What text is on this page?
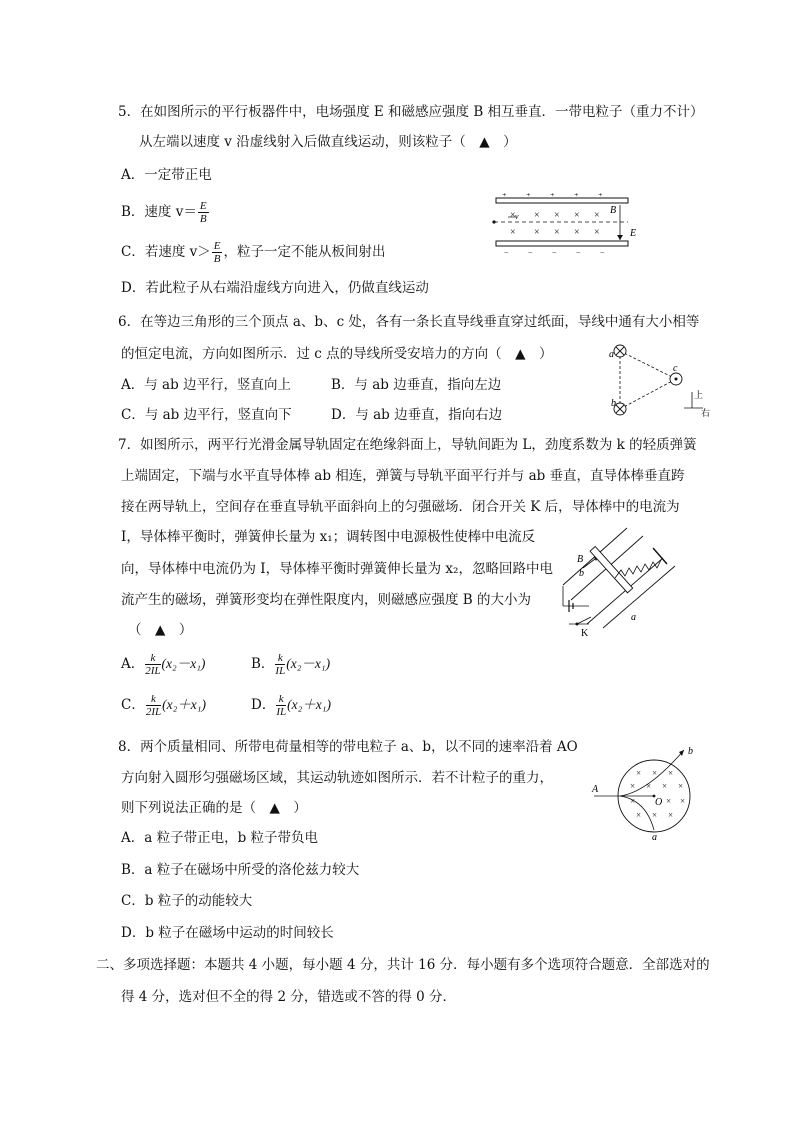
5．在如图所示的平行板器件中，电场强度 E 和磁感应强度 B 相互垂直．一带电粒子（重力不计）
从左端以速度 v 沿虚线射入后做直线运动，则该粒子（　▲　）
A．一定带正电
B．速度 $v= \frac{E}{B}$
C．若速度 $v> \frac{E}{B}$ ，粒子一定不能从板间射出
D．若此粒子从右端沿虚线方向进入，仍做直线运动
+ + + + +
− − − − −
× × × × ×
× × × × ×
v
B
E
6．在等边三角形的三个顶点 a、b、c 处，各有一条长直导线垂直穿过纸面，导线中通有大小相等
的恒定电流，方向如图所示．过 c 点的导线所受安培力的方向（　▲　）
A．与 ab 边平行，竖直向上	B．与 ab 边垂直，指向左边
C．与 ab 边平行，竖直向下	D．与 ab 边垂直，指向右边
a
b
c
上
右
7．如图所示，两平行光滑金属导轨固定在绝缘斜面上，导轨间距为 L，劲度系数为 k 的轻质弹簧
上端固定，下端与水平直导体棒 ab 相连，弹簧与导轨平面平行并与 ab 垂直，直导体棒垂直跨
接在两导轨上，空间存在垂直导轨平面斜向上的匀强磁场．闭合开关 K 后，导体棒中的电流为
I，导体棒平衡时，弹簧伸长量为 x₁；调转图中电源极性使棒中电流反
向，导体棒中电流仍为 I，导体棒平衡时弹簧伸长量为 x₂，忽略回路中电
流产生的磁场，弹簧形变均在弹性限度内，则磁感应强度 B 的大小为
（　▲　）
A． $\frac{k}{2IL} (x_2-x_1)$	B． $\frac{k}{IL} (x_2-x_1)$
C． $\frac{k}{2IL} (x_2+x_1)$	D． $\frac{k}{IL} (x_2+x_1)$
B
b
a
K
8．两个质量相同、所带电荷量相等的带电粒子 a、b，以不同的速率沿着 AO
方向射入圆形匀强磁场区域，其运动轨迹如图所示．若不计粒子的重力，
则下列说法正确的是（　▲　）
A．a 粒子带正电，b 粒子带负电
B．a 粒子在磁场中所受的洛伦兹力较大
C．b 粒子的动能较大
D．b 粒子在磁场中运动的时间较长
× × ×
× × × ×
×	× ×
× × ×
A
O
b
a
二、多项选择题：本题共 4 小题，每小题 4 分，共计 16 分．每小题有多个选项符合题意．全部选对的
得 4 分，选对但不全的得 2 分，错选或不答的得 0 分．
